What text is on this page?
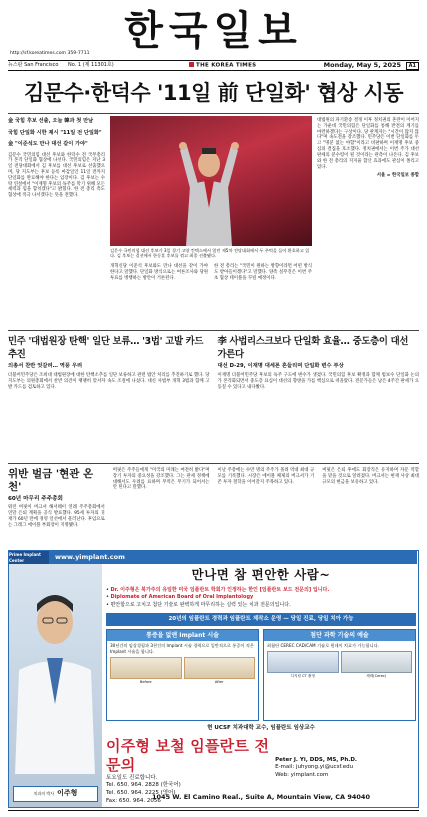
한국일보
http://sf.koreatimes.com 359-7711
뉴스판 San Francisco No. 1 (제 11301호)	THE KOREA TIMES	Monday, May 5, 2025 A1
김문수·한덕수 '11일 前 단일화' 협상 시동
金 국힘 후보 선출, 오늘 韓과 첫 만남
국힘 단일화 시한 제시 "11일 전 단일화"
金 "이준석도 만나 대선 같이 가야"
김문수 국민의힘 대선 후보와 한덕수 전 국무총리가 본격 단일화 협상에 나선다. 국민의힘은 지난 3일 전당대회에서 김 후보를 대선 후보로 선출했으며, 당 지도부는 후보 등록 마감일인 11일 전까지 단일화를 완료해야 한다는 입장이다. 김 후보는 수락 연설에서 "이재명 후보의 독주를 막기 위해 모든 세력과 힘을 합치겠다"고 밝혔다. 한 전 총리 측도 협상에 적극 나서겠다는 뜻을 전했다.
김문수 국민의힘 대선 후보가 3일 경기 고양 킨텍스에서 열린 제5차 전당대회에서 두 주먹을 들어 환호하고 있다. 김 후보는 결선에서 한동훈 후보를 꺾고 최종 선출됐다.
개혁신당 이준석 후보와도 만나 대선을 같이 가야 한다고 말했다. 단일화 방식으로는 여론조사와 당원 투표를 병행하는 방안이 거론된다.
한 전 총리는 "국민이 원하는 방향이라면 어떤 방식도 받아들이겠다"고 말했다. 양측 실무진은 이번 주 초 협상 테이블을 꾸릴 예정이다.
대법원의 파기환송 결정 이후 정치권의 혼란이 이어지는 가운데 국민의힘은 단일화를 통해 반전의 계기를 마련하겠다는 구상이다. 당 관계자는 "시간이 많지 않다"며 속도전을 강조했다. 민주당은 이번 단일화를 두고 "명분 없는 야합"이라고 비판하며 이재명 후보 중심의 결집을 호소했다. 정치권에서는 이번 주가 대선 판세의 분수령이 될 것이라는 관측이 나온다. 김 후보와 한 전 총리의 지지율 합산 효과에도 관심이 쏠리고 있다.
서울 = 한국일보 종합
민주 '대법원장 탄핵' 일단 보류… '3법' 고발 카드 추진
의총서 찬반 엇갈려… 역풍 우려
더불어민주당은 조희대 대법원장에 대한 탄핵소추를 일단 보류하고 관련 법안 처리를 추진하기로 했다. 당 지도부는 의원총회에서 찬반 의견이 팽팽히 맞서자 속도 조절에 나섰다. 대신 사법부 개혁 3법과 함께 고발 카드를 검토하고 있다.
李 사법리스크보다 단일화 효율… 중도층이 대선 가른다
대선 D-29, 이재명 대세론 흔들리며 단일화 변수 부상
이재명 더불어민주당 후보의 독주 구도에 변수가 생겼다. 국민의힘 후보 확정과 함께 범보수 단일화 논의가 본격화되면서 중도층 표심이 대선의 향방을 가를 핵심으로 떠올랐다. 전문가들은 남은 4주간 판세가 요동칠 수 있다고 내다봤다.
위반 벌금 '현관 온천'
60년 마무리 주주총회
워런 버핏이 버크셔 해서웨이 연례 주주총회에서 연말 은퇴 계획을 공식 발표했다. 95세 투자의 귀재가 60년 만에 경영 일선에서 물러난다. 후임으로는 그레그 에이블 부회장이 지명됐다.
버핏은 주주들에게 "미국의 미래는 여전히 밝다"며 장기 투자의 중요성을 강조했다. 그는 관세 정책에 대해서도 우려를 표하며 무역은 무기가 되어서는 안 된다고 말했다.
이날 주총에는 수만 명의 주주가 몰려 역대 최대 규모를 기록했다. 시장은 에이블 체제의 버크셔가 기존 투자 철학을 이어갈지 주목하고 있다.
버핏은 은퇴 후에도 회장직은 유지하며 자문 역할을 맡을 것으로 알려졌다. 버크셔는 현재 사상 최대 규모의 현금을 보유하고 있다.
Prime Implant Center	www.yimplant.com
치과의 박사 이주형
만나면 참 편안한 사람~
• Dr. 이주형은 북가주의 유일한 미국 임플란트 학회가 인정하는 한인 [임플란트 보드 전문의] 입니다.
• Diplomate of American Board of Oral Implantology
• 편안함으로 고치고 첨단 기술로 완벽하게 마무리하는 실력 있는 치과 전문의입니다.
20년의 임플란트 경력과 임플란트 제작소 운영 — 당일 진료, 당일 치아 가능
통증을 없앤 Implant 시술
30년간의 임상경험과 3천건의 Implant 시술 경력으로 일반적으로 통증이 적은 Implant 시술을 합니다.
Before	After
첨단 과학 기술의 예술
최첨단 CEREC CAD/CAM 기술로 원데이 치료가 가능합니다.
디지털 CT 촬영	세렉(Cerec)
현 UCSF 치과대학 교수, 임플란트 임상교수
이주형 보철 임플란트 전문의
토요일도 진료합니다.
Tel. 650. 964. 2828 (한국어)
Tel. 650. 964. 2225 (영어)
Fax: 650. 964. 2056
Peter J. Yi, DDS, MS, Ph.D.
E-mail: juhyong.yi@ucsf.edu
Web: yimplant.com
1045 W. El Camino Real., Suite A, Mountain View, CA 94040
